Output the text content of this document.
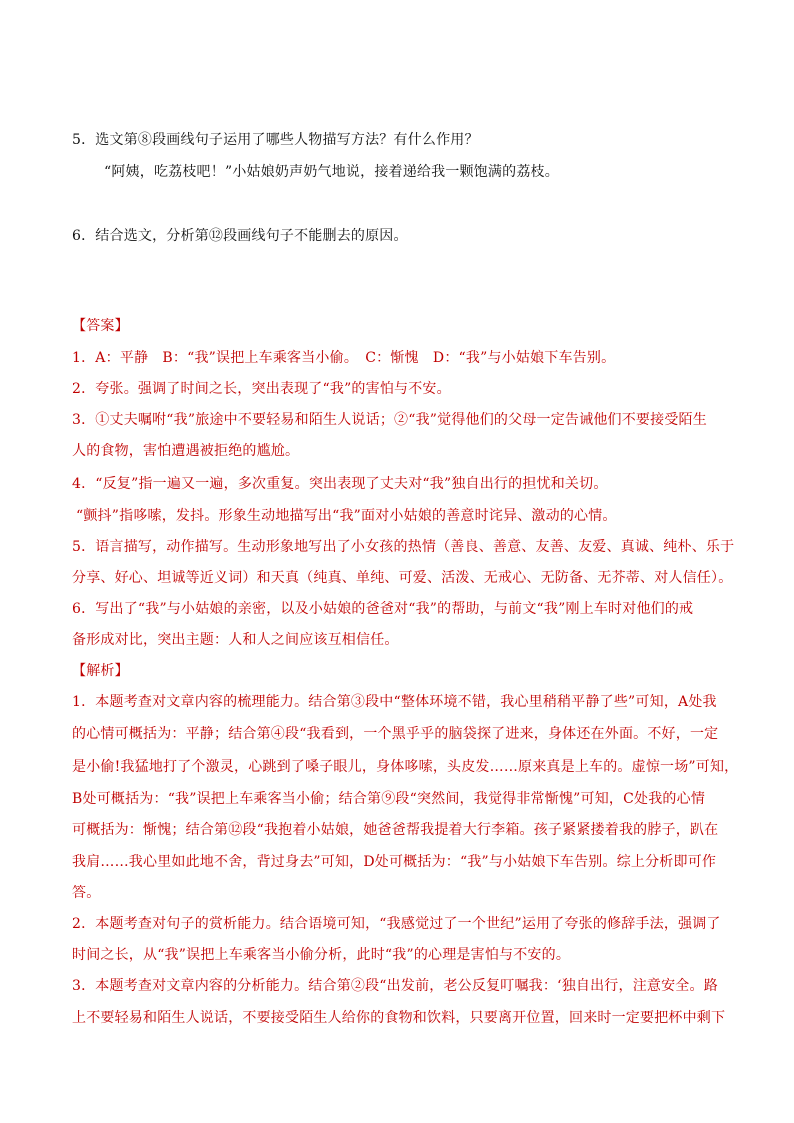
5．选文第⑧段画线句子运用了哪些人物描写方法？有什么作用？
“阿姨，吃荔枝吧！”小姑娘奶声奶气地说，接着递给我一颗饱满的荔枝。
6．结合选文，分析第⑫段画线句子不能删去的原因。
【答案】
1．A：平静　B：“我”误把上车乘客当小偷。　C：惭愧　D：“我”与小姑娘下车告别。
2．夸张。强调了时间之长，突出表现了“我”的害怕与不安。
3．①丈夫嘱咐“我”旅途中不要轻易和陌生人说话；②“我”觉得他们的父母一定告诫他们不要接受陌生
人的食物，害怕遭遇被拒绝的尴尬。
4．“反复”指一遍又一遍，多次重复。突出表现了丈夫对“我”独自出行的担忧和关切。
“颤抖”指哆嗦，发抖。形象生动地描写出“我”面对小姑娘的善意时诧异、激动的心情。
5．语言描写，动作描写。生动形象地写出了小女孩的热情（善良、善意、友善、友爱、真诚、纯朴、乐于
分享、好心、坦诚等近义词）和天真（纯真、单纯、可爱、活泼、无戒心、无防备、无芥蒂、对人信任）。
6．写出了“我”与小姑娘的亲密，以及小姑娘的爸爸对“我”的帮助，与前文“我”刚上车时对他们的戒
备形成对比，突出主题：人和人之间应该互相信任。
【解析】
1．本题考查对文章内容的梳理能力。结合第③段中“整体环境不错，我心里稍稍平静了些”可知，A处我
的心情可概括为：平静；结合第④段“我看到，一个黑乎乎的脑袋探了进来，身体还在外面。不好，一定
是小偷!我猛地打了个激灵，心跳到了嗓子眼儿，身体哆嗦，头皮发……原来真是上车的。虚惊一场”可知，
B处可概括为：“我”误把上车乘客当小偷；结合第⑨段“突然间，我觉得非常惭愧”可知，C处我的心情
可概括为：惭愧；结合第⑫段“我抱着小姑娘，她爸爸帮我提着大行李箱。孩子紧紧搂着我的脖子，趴在
我肩……我心里如此地不舍，背过身去”可知，D处可概括为：“我”与小姑娘下车告别。综上分析即可作
答。
2．本题考查对句子的赏析能力。结合语境可知，“我感觉过了一个世纪”运用了夸张的修辞手法，强调了
时间之长，从“我”误把上车乘客当小偷分析，此时“我”的心理是害怕与不安的。
3．本题考查对文章内容的分析能力。结合第②段“出发前，老公反复叮嘱我：‘独自出行，注意安全。路
上不要轻易和陌生人说话，不要接受陌生人给你的食物和饮料，只要离开位置，回来时一定要把杯中剩下
